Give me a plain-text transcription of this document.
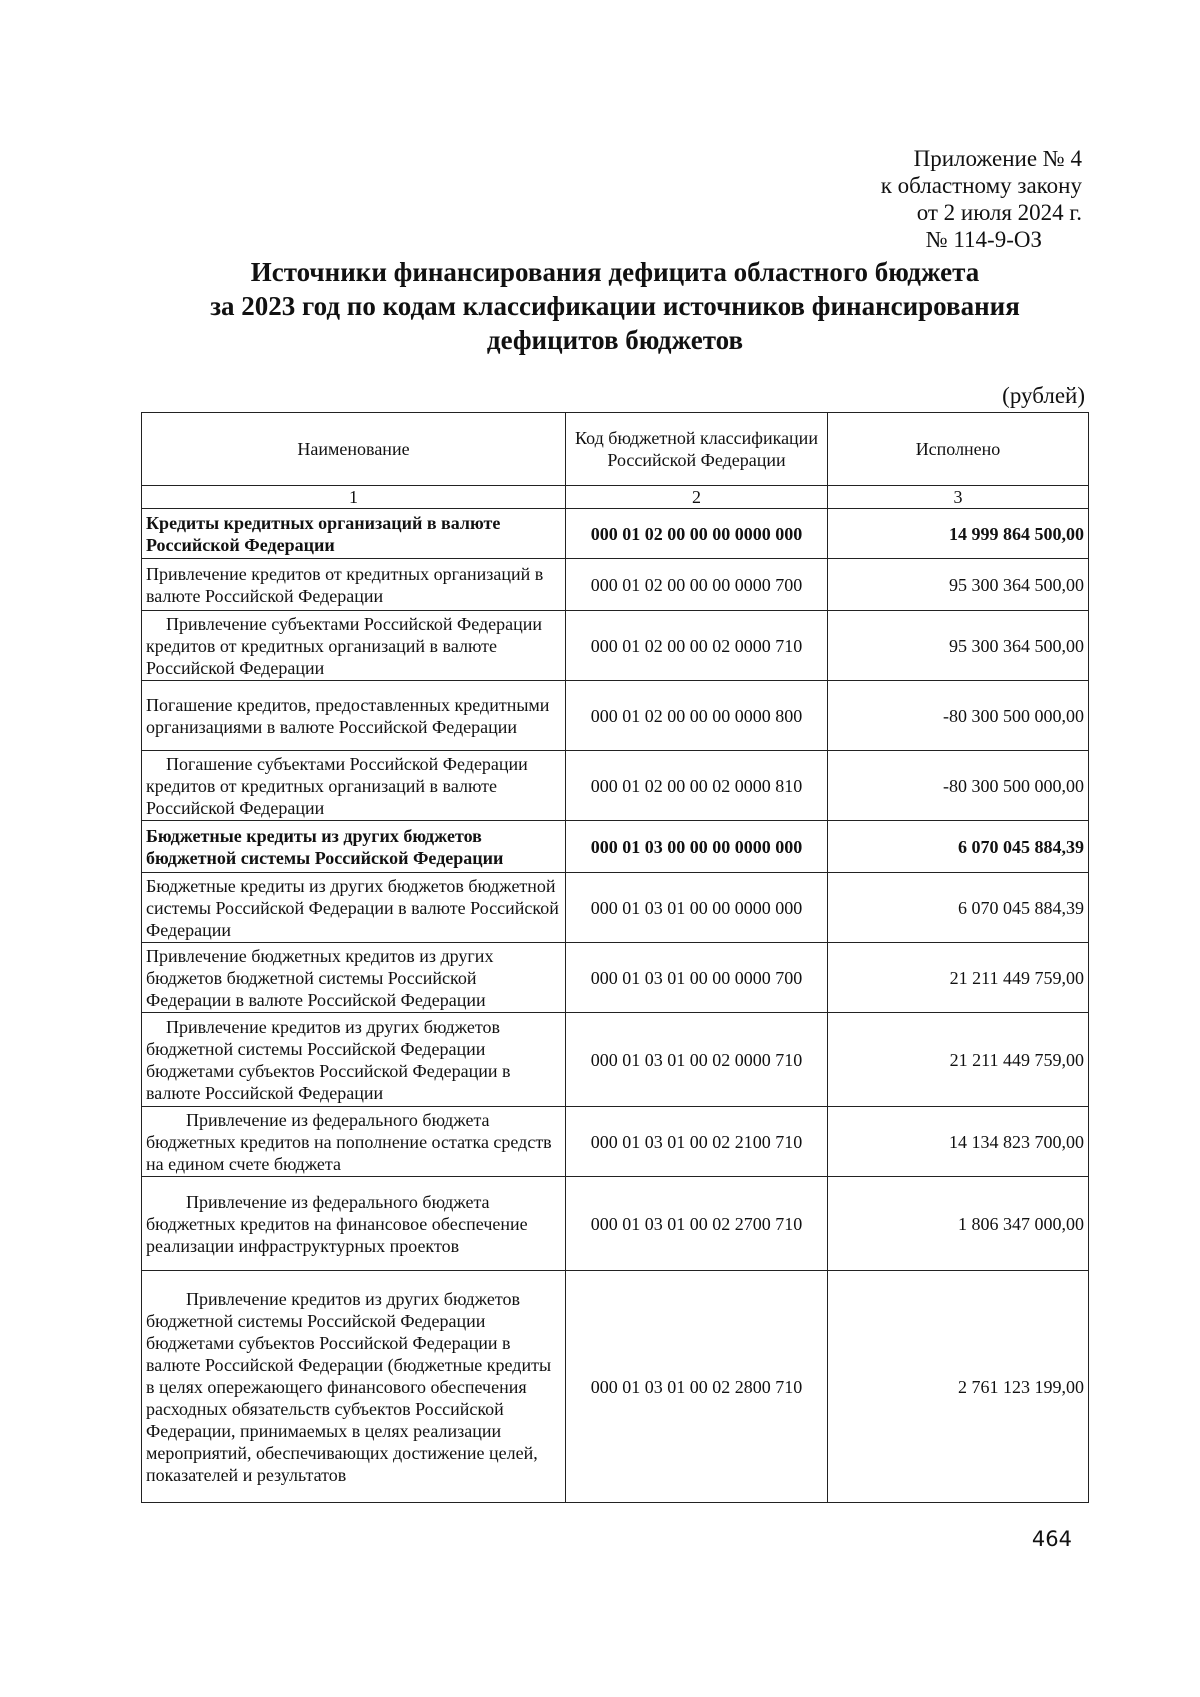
Приложение № 4
к областному закону
от 2 июля 2024 г.
№ 114-9-ОЗ
Источники финансирования дефицита областного бюджета
за 2023 год по кодам классификации источников финансирования
дефицитов бюджетов
(рублей)
Наименование	Код бюджетной классификации Российской Федерации	Исполнено
1	2	3
Кредиты кредитных организаций в валюте Российской Федерации	000 01 02 00 00 00 0000 000	14 999 864 500,00
Привлечение кредитов от кредитных организаций в валюте Российской Федерации	000 01 02 00 00 00 0000 700	95 300 364 500,00

Привлечение субъектами Российской Федерации кредитов от кредитных организаций в валюте Российской Федерации	000 01 02 00 00 02 0000 710	95 300 364 500,00
Погашение кредитов, предоставленных кредитными организациями в валюте Российской Федерации	000 01 02 00 00 00 0000 800	-80 300 500 000,00

Погашение субъектами Российской Федерации кредитов от кредитных организаций в валюте Российской Федерации	000 01 02 00 00 02 0000 810	-80 300 500 000,00
Бюджетные кредиты из других бюджетов бюджетной системы Российской Федерации	000 01 03 00 00 00 0000 000	6 070 045 884,39
Бюджетные кредиты из других бюджетов бюджетной системы Российской Федерации в валюте Российской Федерации	000 01 03 01 00 00 0000 000	6 070 045 884,39
Привлечение бюджетных кредитов из других бюджетов бюджетной системы Российской Федерации в валюте Российской Федерации	000 01 03 01 00 00 0000 700	21 211 449 759,00

Привлечение кредитов из других бюджетов бюджетной системы Российской Федерации бюджетами субъектов Российской Федерации в валюте Российской Федерации	000 01 03 01 00 02 0000 710	21 211 449 759,00

Привлечение из федерального бюджета бюджетных кредитов на пополнение остатка средств на едином счете бюджета	000 01 03 01 00 02 2100 710	14 134 823 700,00

Привлечение из федерального бюджета бюджетных кредитов на финансовое обеспечение реализации инфраструктурных проектов	000 01 03 01 00 02 2700 710	1 806 347 000,00

Привлечение кредитов из других бюджетов бюджетной системы Российской Федерации бюджетами субъектов Российской Федерации в валюте Российской Федерации (бюджетные кредиты в целях опережающего финансового обеспечения расходных обязательств субъектов Российской Федерации, принимаемых в целях реализации мероприятий, обеспечивающих достижение целей, показателей и результатов	000 01 03 01 00 02 2800 710	2 761 123 199,00
464
